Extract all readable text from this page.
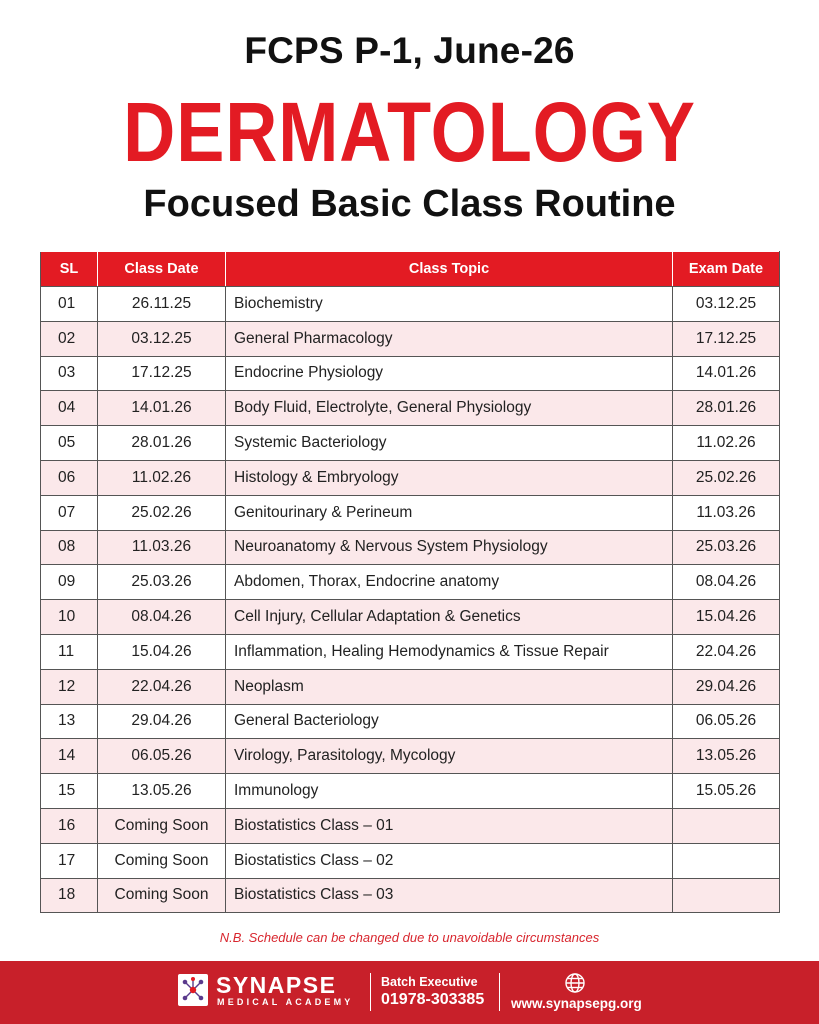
FCPS P-1, June-26
DERMATOLOGY
Focused Basic Class Routine
SL	Class Date	Class Topic	Exam Date
01	26.11.25	Biochemistry	03.12.25
02	03.12.25	General Pharmacology	17.12.25
03	17.12.25	Endocrine Physiology	14.01.26
04	14.01.26	Body Fluid, Electrolyte, General Physiology	28.01.26
05	28.01.26	Systemic Bacteriology	11.02.26
06	11.02.26	Histology & Embryology	25.02.26
07	25.02.26	Genitourinary & Perineum	11.03.26
08	11.03.26	Neuroanatomy & Nervous System Physiology	25.03.26
09	25.03.26	Abdomen, Thorax, Endocrine anatomy	08.04.26
10	08.04.26	Cell Injury, Cellular Adaptation & Genetics	15.04.26
11	15.04.26	Inflammation, Healing Hemodynamics & Tissue Repair	22.04.26
12	22.04.26	Neoplasm	29.04.26
13	29.04.26	General Bacteriology	06.05.26
14	06.05.26	Virology, Parasitology, Mycology	13.05.26
15	13.05.26	Immunology	15.05.26
16	Coming Soon	Biostatistics Class – 01	
17	Coming Soon	Biostatistics Class – 02	
18	Coming Soon	Biostatistics Class – 03	
N.B. Schedule can be changed due to unavoidable circumstances
SYNAPSE
MEDICAL ACADEMY
Batch Executive
01978-303385 www.synapsepg.org
